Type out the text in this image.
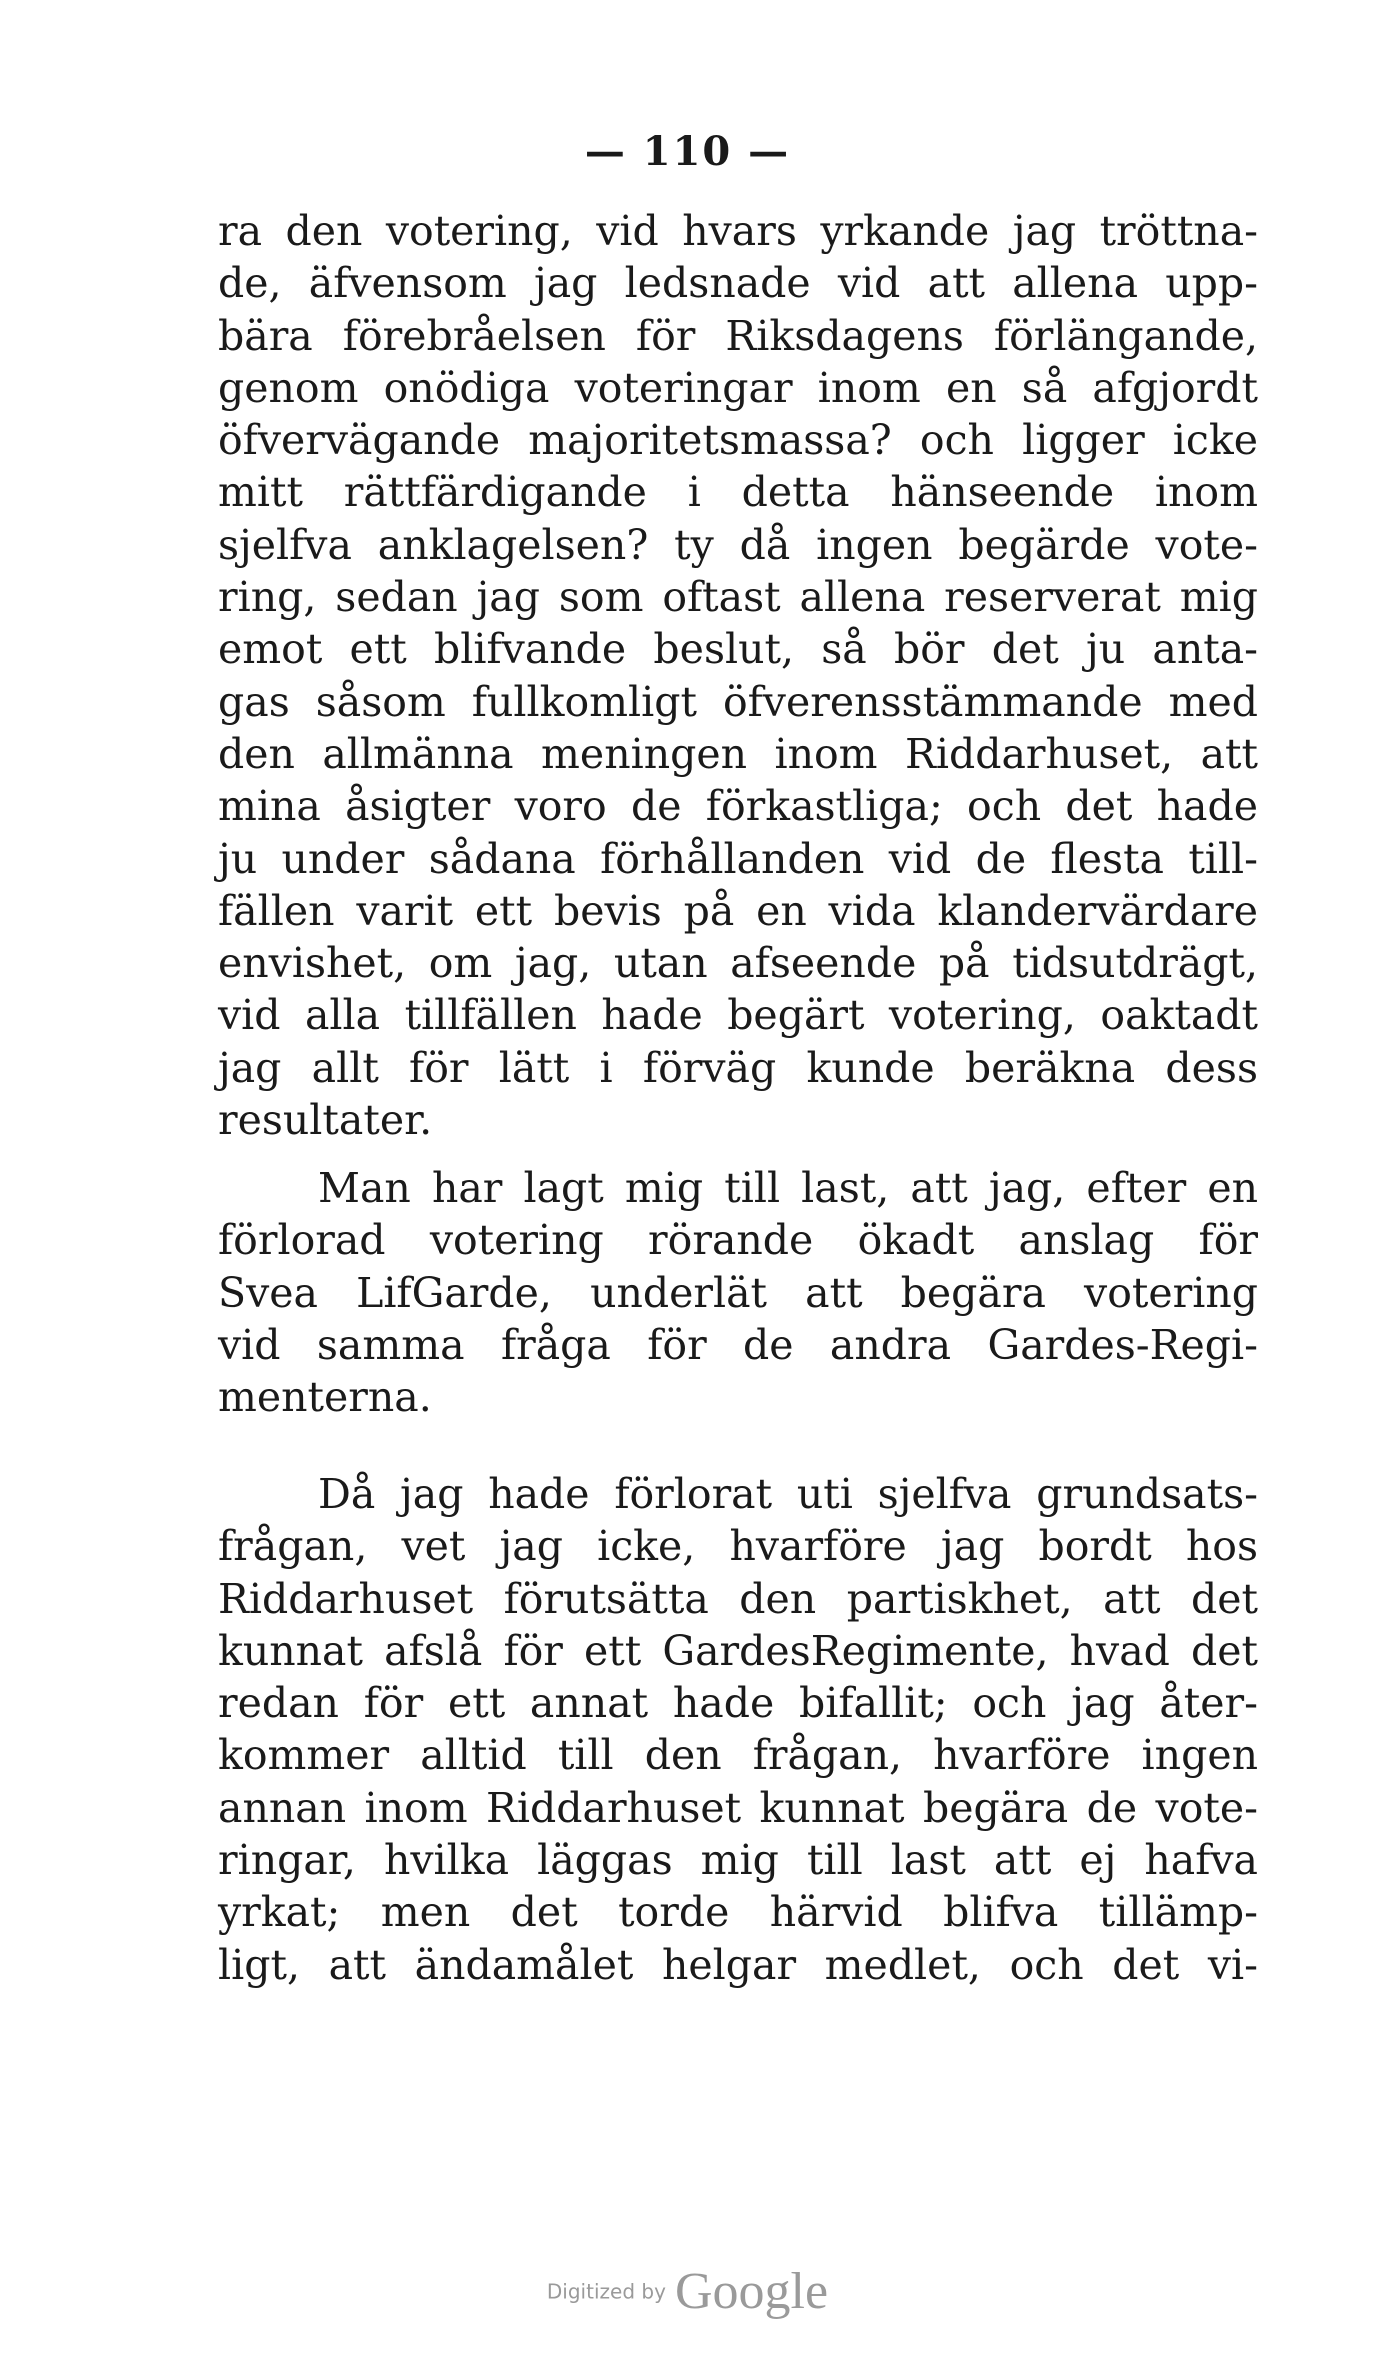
— 110 —
ra den votering, vid hvars yrkande jag tröttna-
de, äfvensom jag ledsnade vid att allena upp-
bära förebråelsen för Riksdagens förlängande,
genom onödiga voteringar inom en så afgjordt
öfvervägande majoritetsmassa? och ligger icke
mitt rättfärdigande i detta hänseende inom
sjelfva anklagelsen? ty då ingen begärde vote-
ring, sedan jag som oftast allena reserverat mig
emot ett blifvande beslut, så bör det ju anta-
gas såsom fullkomligt öfverensstämmande med
den allmänna meningen inom Riddarhuset, att
mina åsigter voro de förkastliga; och det hade
ju under sådana förhållanden vid de flesta till-
fällen varit ett bevis på en vida klandervärdare
envishet, om jag, utan afseende på tidsutdrägt,
vid alla tillfällen hade begärt votering, oaktadt
jag allt för lätt i förväg kunde beräkna dess
resultater.
Man har lagt mig till last, att jag, efter en
förlorad votering rörande ökadt anslag för
Svea LifGarde, underlät att begära votering
vid samma fråga för de andra Gardes-Regi-
menterna.
Då jag hade förlorat uti sjelfva grundsats-
frågan, vet jag icke, hvarföre jag bordt hos
Riddarhuset förutsätta den partiskhet, att det
kunnat afslå för ett GardesRegimente, hvad det
redan för ett annat hade bifallit; och jag åter-
kommer alltid till den frågan, hvarföre ingen
annan inom Riddarhuset kunnat begära de vote-
ringar, hvilka läggas mig till last att ej hafva
yrkat; men det torde härvid blifva tillämp-
ligt, att ändamålet helgar medlet, och det vi-
Digitized by Google
